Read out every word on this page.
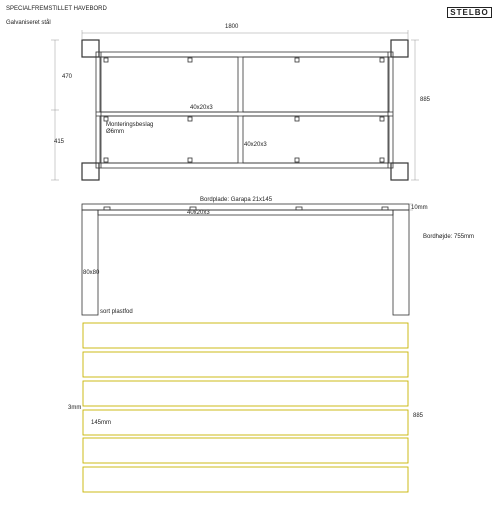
SPECIALFREMSTILLET HAVEBORD
Galvaniseret stål
STELBO
1800
885
470
415
40x20x3
Monteringsbeslag
Ø6mm
40x20x3
Bordplade: Garapa 21x145
10mm
40x20x3
Bordhøjde: 755mm
80x80
sort plastfod
3mm
145mm
885
